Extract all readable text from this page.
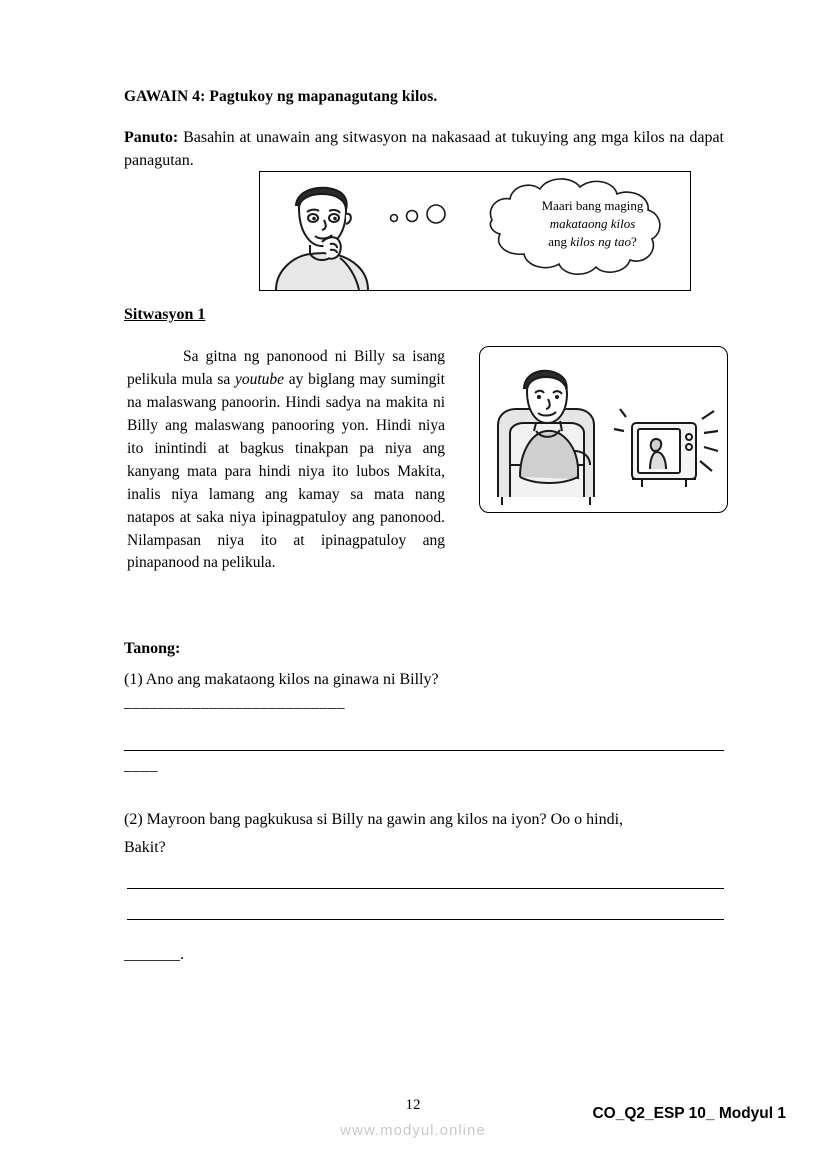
GAWAIN 4: Pagtukoy ng mapanagutang kilos.

Panuto: Basahin at unawain ang sitwasyon na nakasaad at tukuying ang mga kilos na dapat panagutan.

Maari bang maging
makataong kilos
ang kilos ng tao?
Sitwasyon 1
Sa gitna ng panonood ni Billy sa isang pelikula mula sa youtube ay biglang may sumingit na malaswang panoorin. Hindi sadya na makita ni Billy ang malaswang panooring yon. Hindi niya ito inintindi at bagkus tinakpan pa niya ang kanyang mata para hindi niya ito lubos Makita, inalis niya lamang ang kamay sa mata nang natapos at saka niya ipinagpatuloy ang panonood. Nilampasan niya ito at ipinagpatuloy ang pinapanood na pelikula.
Tanong:
(1) Ano ang makataong kilos na ginawa ni Billy?
__________________________
____
(2) Mayroon bang pagkukusa si Billy na gawin ang kilos na iyon? Oo o hindi,
Bakit?
_______.
12	CO_Q2_ESP 10_ Modyul 1
www.modyul.online
